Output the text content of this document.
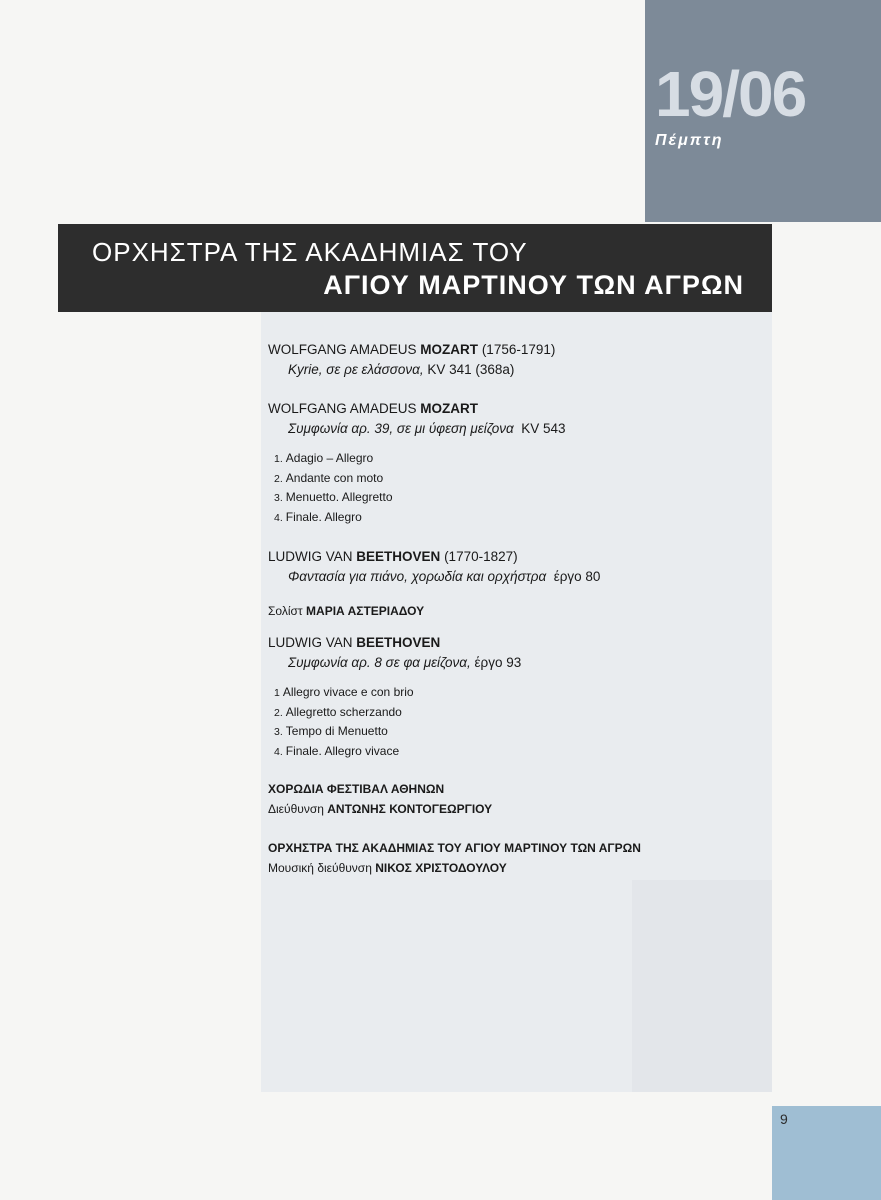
19/06
Πέμπτη
ΟΡΧΗΣΤΡΑ ΤΗΣ ΑΚΑΔΗΜΙΑΣ ΤΟΥ
ΑΓΙΟΥ ΜΑΡΤΙΝΟΥ ΤΩΝ ΑΓΡΩΝ
WOLFGANG AMADEUS MOZART (1756-1791)
Kyrie, σε ρε ελάσσονα, KV 341 (368a)
WOLFGANG AMADEUS MOZART
Συμφωνία αρ. 39, σε μι ύφεση μείζονα KV 543
1. Adagio – Allegro
2. Andante con moto
3. Menuetto. Allegretto
4. Finale. Allegro
LUDWIG VAN BEETHOVEN (1770-1827)
Φαντασία για πιάνο, χορωδία και ορχήστρα έργο 80
Σολίστ ΜΑΡΙΑ ΑΣΤΕΡΙΑΔΟΥ
LUDWIG VAN BEETHOVEN
Συμφωνία αρ. 8 σε φα μείζονα, έργο 93
1 Allegro vivace e con brio
2. Allegretto scherzando
3. Tempo di Menuetto
4. Finale. Allegro vivace
ΧΟΡΩΔΙΑ ΦΕΣΤΙΒΑΛ ΑΘΗΝΩΝ
Διεύθυνση ΑΝΤΩΝΗΣ ΚΟΝΤΟΓΕΩΡΓΙΟΥ
ΟΡΧΗΣΤΡΑ ΤΗΣ ΑΚΑΔΗΜΙΑΣ ΤΟΥ ΑΓΙΟΥ ΜΑΡΤΙΝΟΥ ΤΩΝ ΑΓΡΩΝ
Μουσική διεύθυνση ΝΙΚΟΣ ΧΡΙΣΤΟΔΟΥΛΟΥ
9
